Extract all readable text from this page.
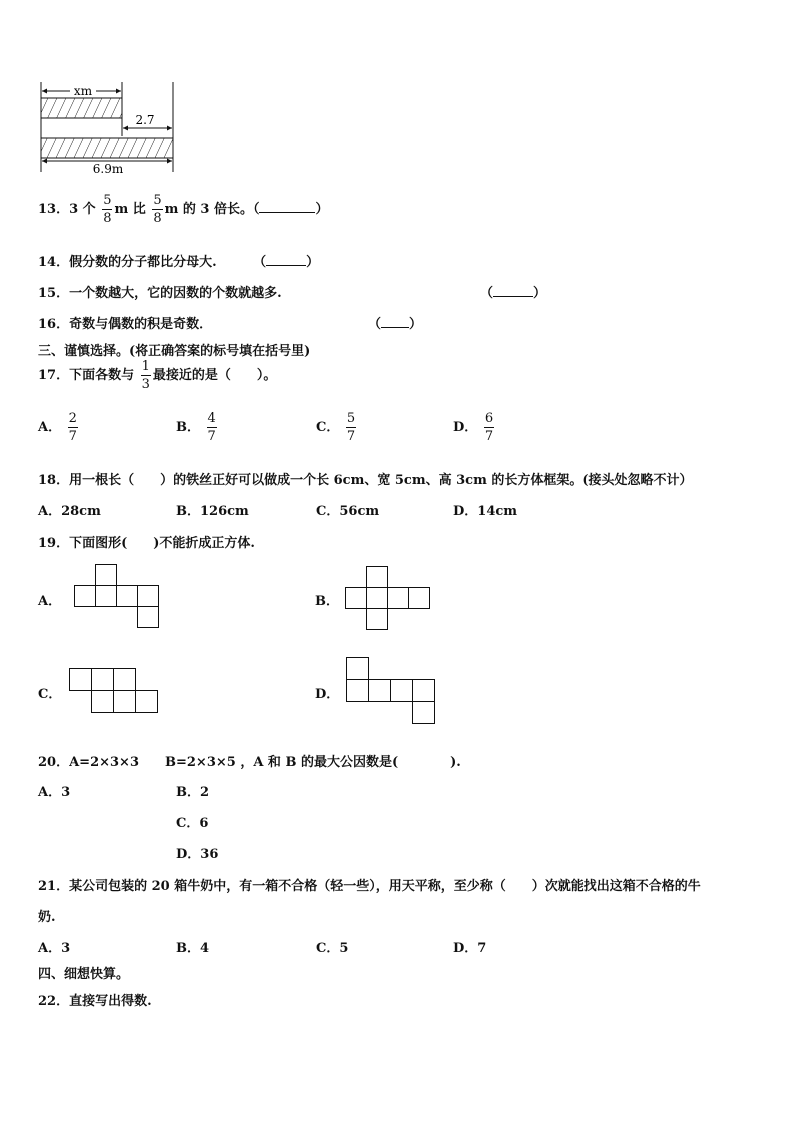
xm
2.7
6.9m
13．3 个 $\frac{5}{8}$ m 比 $\frac{5}{8}$ m 的 3 倍长。（	）
14．假分数的分子都比分母大.	（	）
15．一个数越大，它的因数的个数就越多.	（	）
16．奇数与偶数的积是奇数．	（ ）
三、谨慎选择。(将正确答案的标号填在括号里)
17．下面各数与 $\frac{1}{3}$ 最接近的是（　　）。
A． $\frac{2}{7}$	B． $\frac{4}{7}$	C． $\frac{5}{7}$	D． $\frac{6}{7}$
18．用一根长（　　）的铁丝正好可以做成一个长 6cm、宽 5cm、高 3cm 的长方体框架。(接头处忽略不计）
A．28cm	B．126cm	C．56cm	D．14cm
19．下面图形(　　)不能折成正方体.
A．	B．
C．	D．
20．A=2×3×3　　B=2×3×5 ，A 和 B 的最大公因数是(　　　　).
A．3	B．2
C．6
D．36
21．某公司包装的 20 箱牛奶中，有一箱不合格（轻一些），用天平称，至少称（　　）次就能找出这箱不合格的牛
奶.
A．3	B．4	C．5	D．7
四、细想快算。
22．直接写出得数.
